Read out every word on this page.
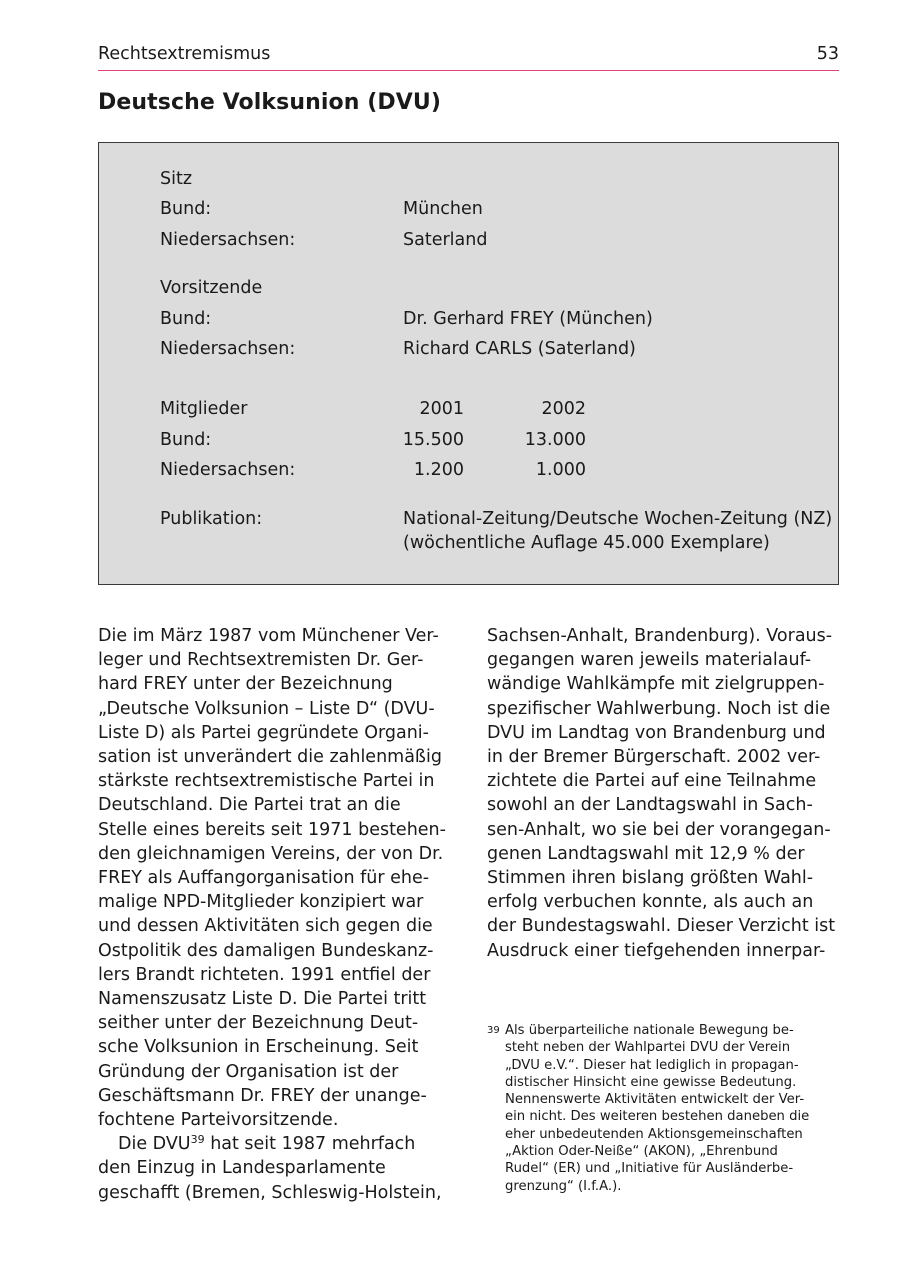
Rechtsextremismus	53
Deutsche Volksunion (DVU)
Sitz
Bund:	München
Niedersachsen:	Saterland
Vorsitzende
Bund:	Dr. Gerhard FREY (München)
Niedersachsen:	Richard CARLS (Saterland)
Mitglieder	2001	2002
Bund:	15.500	13.000
Niedersachsen:	1.200	1.000
Publikation:	National-Zeitung/Deutsche Wochen-Zeitung (NZ)
(wöchentliche Auflage 45.000 Exemplare)

Die im März 1987 vom Münchener Ver-
leger und Rechtsextremisten Dr. Ger-
hard FREY unter der Bezeichnung
„Deutsche Volksunion – Liste D“ (DVU-
Liste D) als Partei gegründete Organi-
sation ist unverändert die zahlenmäßig
stärkste rechtsextremistische Partei in
Deutschland. Die Partei trat an die
Stelle eines bereits seit 1971 bestehen-
den gleichnamigen Vereins, der von Dr.
FREY als Auffangorganisation für ehe-
malige NPD-Mitglieder konzipiert war
und dessen Aktivitäten sich gegen die
Ostpolitik des damaligen Bundeskanz-
lers Brandt richteten. 1991 entfiel der
Namenszusatz Liste D. Die Partei tritt
seither unter der Bezeichnung Deut-
sche Volksunion in Erscheinung. Seit
Gründung der Organisation ist der
Geschäftsmann Dr. FREY der unange-
fochtene Parteivorsitzende.

Die DVU$^{39}$ hat seit 1987 mehrfach
den Einzug in Landesparlamente
geschafft (Bremen, Schleswig-Holstein,

Sachsen-Anhalt, Brandenburg). Voraus-
gegangen waren jeweils materialauf-
wändige Wahlkämpfe mit zielgruppen-
spezifischer Wahlwerbung. Noch ist die
DVU im Landtag von Brandenburg und
in der Bremer Bürgerschaft. 2002 ver-
zichtete die Partei auf eine Teilnahme
sowohl an der Landtagswahl in Sach-
sen-Anhalt, wo sie bei der vorangegan-
genen Landtagswahl mit 12,9 % der
Stimmen ihren bislang größten Wahl-
erfolg verbuchen konnte, als auch an
der Bundestagswahl. Dieser Verzicht ist
Ausdruck einer tiefgehenden innerpar-

39 Als überparteiliche nationale Bewegung be-
steht neben der Wahlpartei DVU der Verein
„DVU e.V.“. Dieser hat lediglich in propagan-
distischer Hinsicht eine gewisse Bedeutung.
Nennenswerte Aktivitäten entwickelt der Ver-
ein nicht. Des weiteren bestehen daneben die
eher unbedeutenden Aktionsgemeinschaften
„Aktion Oder-Neiße“ (AKON), „Ehrenbund
Rudel“ (ER) und „Initiative für Ausländerbe-
grenzung“ (I.f.A.).
